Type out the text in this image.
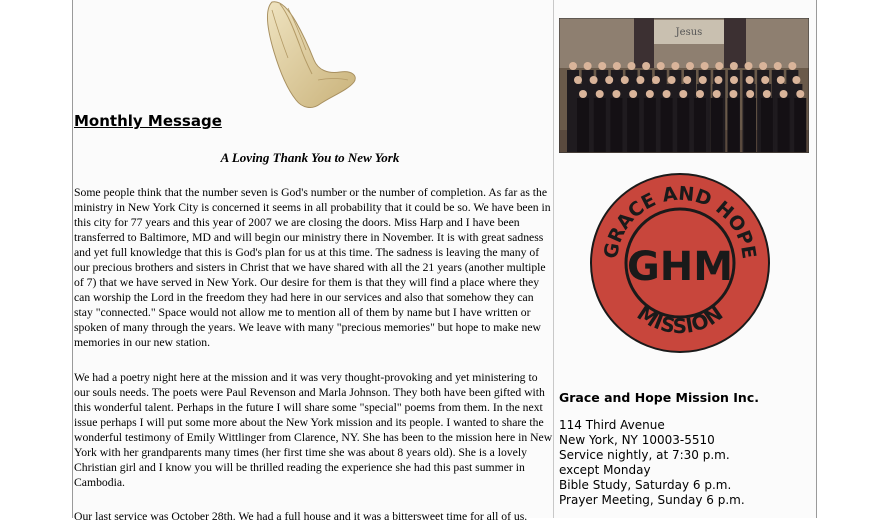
Monthly Message

A Loving Thank You to New York

Some people think that the number seven is God's number or the number of completion. As far as the ministry in New York City is concerned it seems in all probability that it could be so. We have been in this city for 77 years and this year of 2007 we are closing the doors. Miss Harp and I have been transferred to Baltimore, MD and will begin our ministry there in November. It is with great sadness and yet full knowledge that this is God's plan for us at this time. The sadness is leaving the many of our precious brothers and sisters in Christ that we have shared with all the 21 years (another multiple of 7) that we have served in New York. Our desire for them is that they will find a place where they can worship the Lord in the freedom they had here in our services and also that somehow they can stay "connected." Space would not allow me to mention all of them by name but I have written or spoken of many through the years. We leave with many "precious memories" but hope to make new memories in our new station.

We had a poetry night here at the mission and it was very thought-provoking and yet ministering to our souls needs. The poets were Paul Revenson and Marla Johnson. They both have been gifted with this wonderful talent. Perhaps in the future I will share some "special" poems from them. In the next issue perhaps I will put some more about the New York mission and its people. I wanted to share the wonderful testimony of Emily Wittlinger from Clarence, NY. She has been to the mission here in New York with her grandparents many times (her first time she was about 8 years old). She is a lovely Christian girl and I know you will be thrilled reading the experience she had this past summer in Cambodia.

Our last service was October 28th. We had a full house and it was a bittersweet time for all of us.

Jesus
GRACE AND HOPE
MISSION
GHM

Grace and Hope Mission Inc.

114 Third Avenue

New York, NY 10003-5510

Service nightly, at 7:30 p.m.

except Monday

Bible Study, Saturday 6 p.m.

Prayer Meeting, Sunday 6 p.m.
